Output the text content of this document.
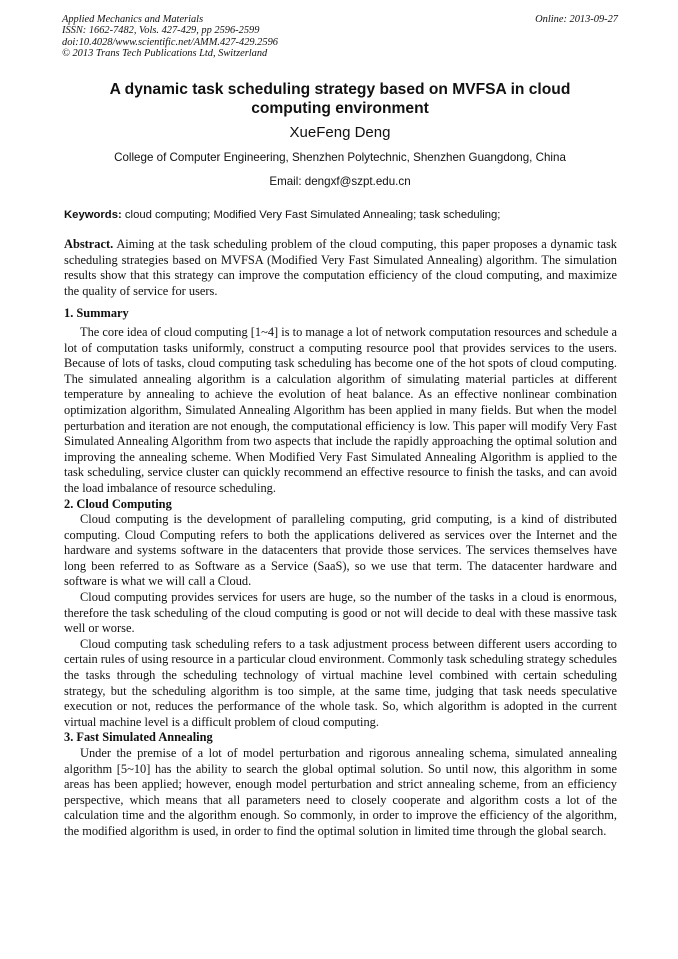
Applied Mechanics and Materials
ISSN: 1662-7482, Vols. 427-429, pp 2596-2599
doi:10.4028/www.scientific.net/AMM.427-429.2596
© 2013 Trans Tech Publications Ltd, Switzerland
Online: 2013-09-27
A dynamic task scheduling strategy based on MVFSA in cloud
computing environment
XueFeng Deng
College of Computer Engineering, Shenzhen Polytechnic, Shenzhen Guangdong, China
Email: dengxf@szpt.edu.cn
Keywords: cloud computing; Modified Very Fast Simulated Annealing; task scheduling;

Abstract. Aiming at the task scheduling problem of the cloud computing, this paper proposes a dynamic task scheduling strategies based on MVFSA (Modified Very Fast Simulated Annealing) algorithm. The simulation results show that this strategy can improve the computation efficiency of the cloud computing, and maximize the quality of service for users.

1. Summary

The core idea of cloud computing [1~4] is to manage a lot of network computation resources and schedule a lot of computation tasks uniformly, construct a computing resource pool that provides services to the users. Because of lots of tasks, cloud computing task scheduling has become one of the hot spots of cloud computing. The simulated annealing algorithm is a calculation algorithm of simulating material particles at different temperature by annealing to achieve the evolution of heat balance. As an effective nonlinear combination optimization algorithm, Simulated Annealing Algorithm has been applied in many fields. But when the model perturbation and iteration are not enough, the computational efficiency is low. This paper will modify Very Fast Simulated Annealing Algorithm from two aspects that include the rapidly approaching the optimal solution and improving the annealing scheme. When Modified Very Fast Simulated Annealing Algorithm is applied to the task scheduling, service cluster can quickly recommend an effective resource to finish the tasks, and can avoid the load imbalance of resource scheduling.

2. Cloud Computing

Cloud computing is the development of paralleling computing, grid computing, is a kind of distributed computing. Cloud Computing refers to both the applications delivered as services over the Internet and the hardware and systems software in the datacenters that provide those services. The services themselves have long been referred to as Software as a Service (SaaS), so we use that term. The datacenter hardware and software is what we will call a Cloud.

Cloud computing provides services for users are huge, so the number of the tasks in a cloud is enormous, therefore the task scheduling of the cloud computing is good or not will decide to deal with these massive task well or worse.

Cloud computing task scheduling refers to a task adjustment process between different users according to certain rules of using resource in a particular cloud environment. Commonly task scheduling strategy schedules the tasks through the scheduling technology of virtual machine level combined with certain scheduling strategy, but the scheduling algorithm is too simple, at the same time, judging that task needs speculative execution or not, reduces the performance of the whole task. So, which algorithm is adopted in the current virtual machine level is a difficult problem of cloud computing.

3. Fast Simulated Annealing

Under the premise of a lot of model perturbation and rigorous annealing schema, simulated annealing algorithm [5~10] has the ability to search the global optimal solution. So until now, this algorithm in some areas has been applied; however, enough model perturbation and strict annealing scheme, from an efficiency perspective, which means that all parameters need to closely cooperate and algorithm costs a lot of the calculation time and the algorithm enough. So commonly, in order to improve the efficiency of the algorithm, the modified algorithm is used, in order to find the optimal solution in limited time through the global search.
